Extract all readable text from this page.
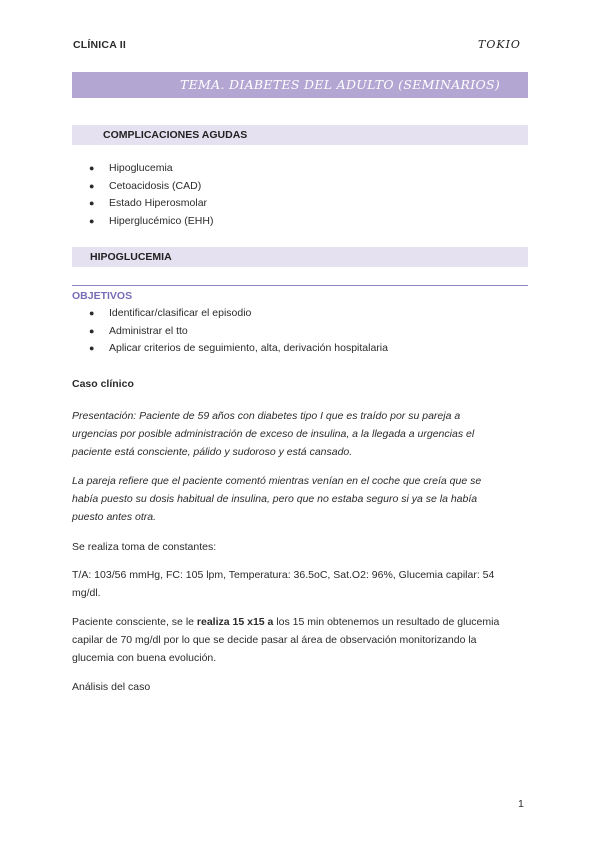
CLÍNICA II	TOKIO
TEMA. DIABETES DEL ADULTO (SEMINARIOS)
COMPLICACIONES AGUDAS
● Hipoglucemia
● Cetoacidosis (CAD)
● Estado Hiperosmolar
● Hiperglucémico (EHH)
HIPOGLUCEMIA
OBJETIVOS
● Identificar/clasificar el episodio
● Administrar el tto
● Aplicar criterios de seguimiento, alta, derivación hospitalaria
Caso clínico
Presentación: Paciente de 59 años con diabetes tipo I que es traído por su pareja a
urgencias por posible administración de exceso de insulina, a la llegada a urgencias el
paciente está consciente, pálido y sudoroso y está cansado.
La pareja refiere que el paciente comentó mientras venían en el coche que creía que se
había puesto su dosis habitual de insulina, pero que no estaba seguro si ya se la había
puesto antes otra.
Se realiza toma de constantes:
T/A: 103/56 mmHg, FC: 105 lpm, Temperatura: 36.5oC, Sat.O2: 96%, Glucemia capilar: 54
mg/dl.
Paciente consciente, se le realiza 15 x15 a los 15 min obtenemos un resultado de glucemia
capilar de 70 mg/dl por lo que se decide pasar al área de observación monitorizando la
glucemia con buena evolución.
Análisis del caso
1
